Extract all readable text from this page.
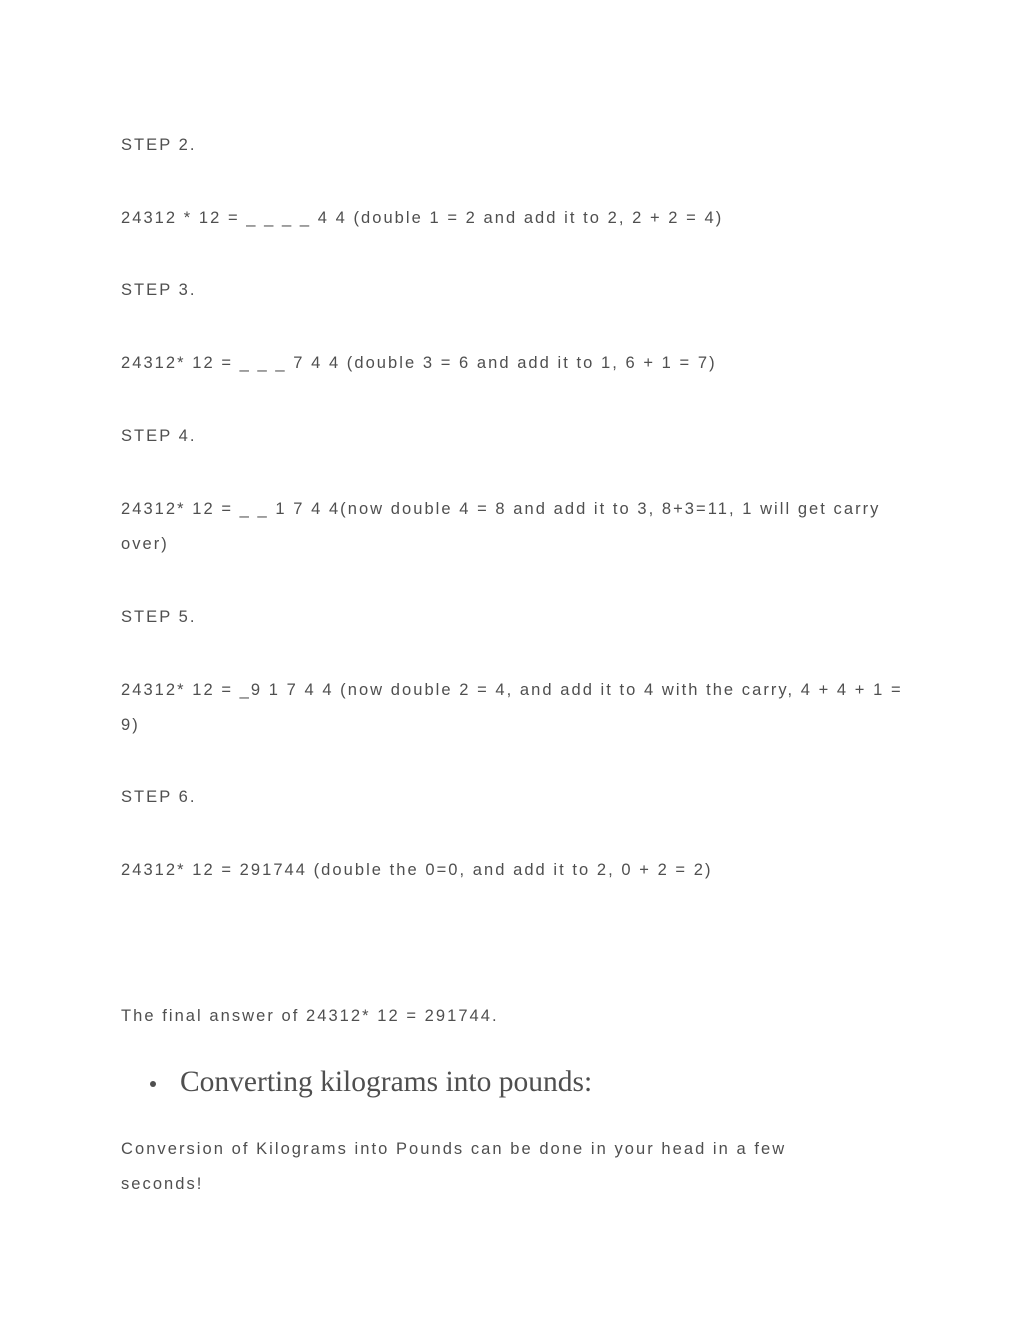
STEP 2.
24312 * 12 = _ _ _ _ 4 4 (double 1 = 2 and add it to 2, 2 + 2 = 4)
STEP 3.
24312* 12 = _ _ _ 7 4 4 (double 3 = 6 and add it to 1, 6 + 1 = 7)
STEP 4.
24312* 12 = _ _ 1 7 4 4(now double 4 = 8 and add it to 3, 8+3=11, 1 will get carry over)
STEP 5.
24312* 12 = _9 1 7 4 4 (now double 2 = 4, and add it to 4 with the carry, 4 + 4 + 1 = 9)
STEP 6.
24312* 12 = 291744 (double the 0=0, and add it to 2, 0 + 2 = 2)
The final answer of 24312* 12 = 291744.
Converting kilograms into pounds:
Conversion of Kilograms into Pounds can be done in your head in a few seconds!
